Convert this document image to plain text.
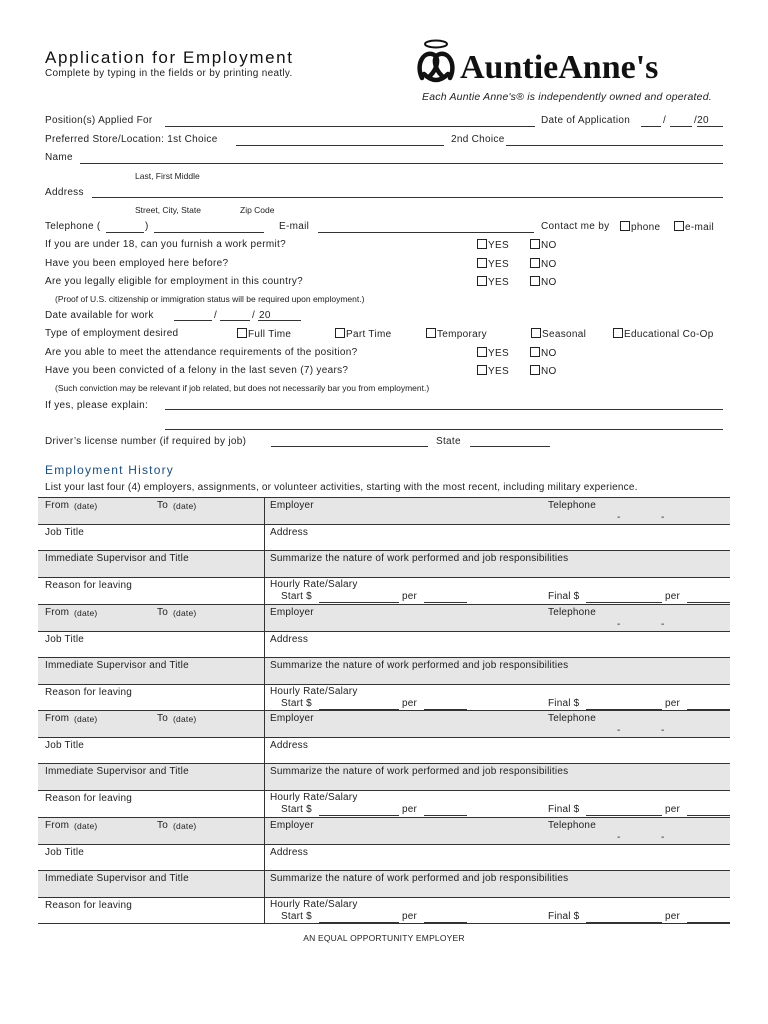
Application for Employment
Complete by typing in the fields or by printing neatly.	AuntieAnne's
Each Auntie Anne's® is independently owned and operated.
Position(s) Applied For	Date of Application	/	/20
Preferred Store/Location: 1st Choice	2nd Choice
Name
Last, First Middle
Address
Street, City, State	Zip Code
Telephone (	)	E-mail	Contact me by	phone	e-mail
If you are under 18, can you furnish a work permit?	YES	NO
Have you been employed here before?	YES	NO
Are you legally eligible for employment in this country?	YES	NO
(Proof of U.S. citizenship or immigration status will be required upon employment.)
Date available for work	/	/ 20
Type of employment desired	Full Time	Part Time	Temporary	Seasonal	Educational Co-Op
Are you able to meet the attendance requirements of the position?	YES	NO
Have you been convicted of a felony in the last seven (7) years?	YES	NO
(Such conviction may be relevant if job related, but does not necessarily bar you from employment.)
If yes, please explain:
Driver’s license number (if required by job)	State
Employment History
List your last four (4) employers, assignments, or volunteer activities, starting with the most recent, including military experience.
From (date)	To (date)	Employer	Telephone
-	-
Job Title	Address
Immediate Supervisor and Title	Summarize the nature of work performed and job responsibilities
Reason for leaving	Hourly Rate/Salary
Start $	per	Final $	per
From (date)	To (date)	Employer	Telephone
-	-
Job Title	Address
Immediate Supervisor and Title	Summarize the nature of work performed and job responsibilities
Reason for leaving	Hourly Rate/Salary
Start $	per	Final $	per
From (date)	To (date)	Employer	Telephone
-	-
Job Title	Address
Immediate Supervisor and Title	Summarize the nature of work performed and job responsibilities
Reason for leaving	Hourly Rate/Salary
Start $	per	Final $	per
From (date)	To (date)	Employer	Telephone
-	-
Job Title	Address
Immediate Supervisor and Title	Summarize the nature of work performed and job responsibilities
Reason for leaving	Hourly Rate/Salary
Start $	per	Final $	per
AN EQUAL OPPORTUNITY EMPLOYER
